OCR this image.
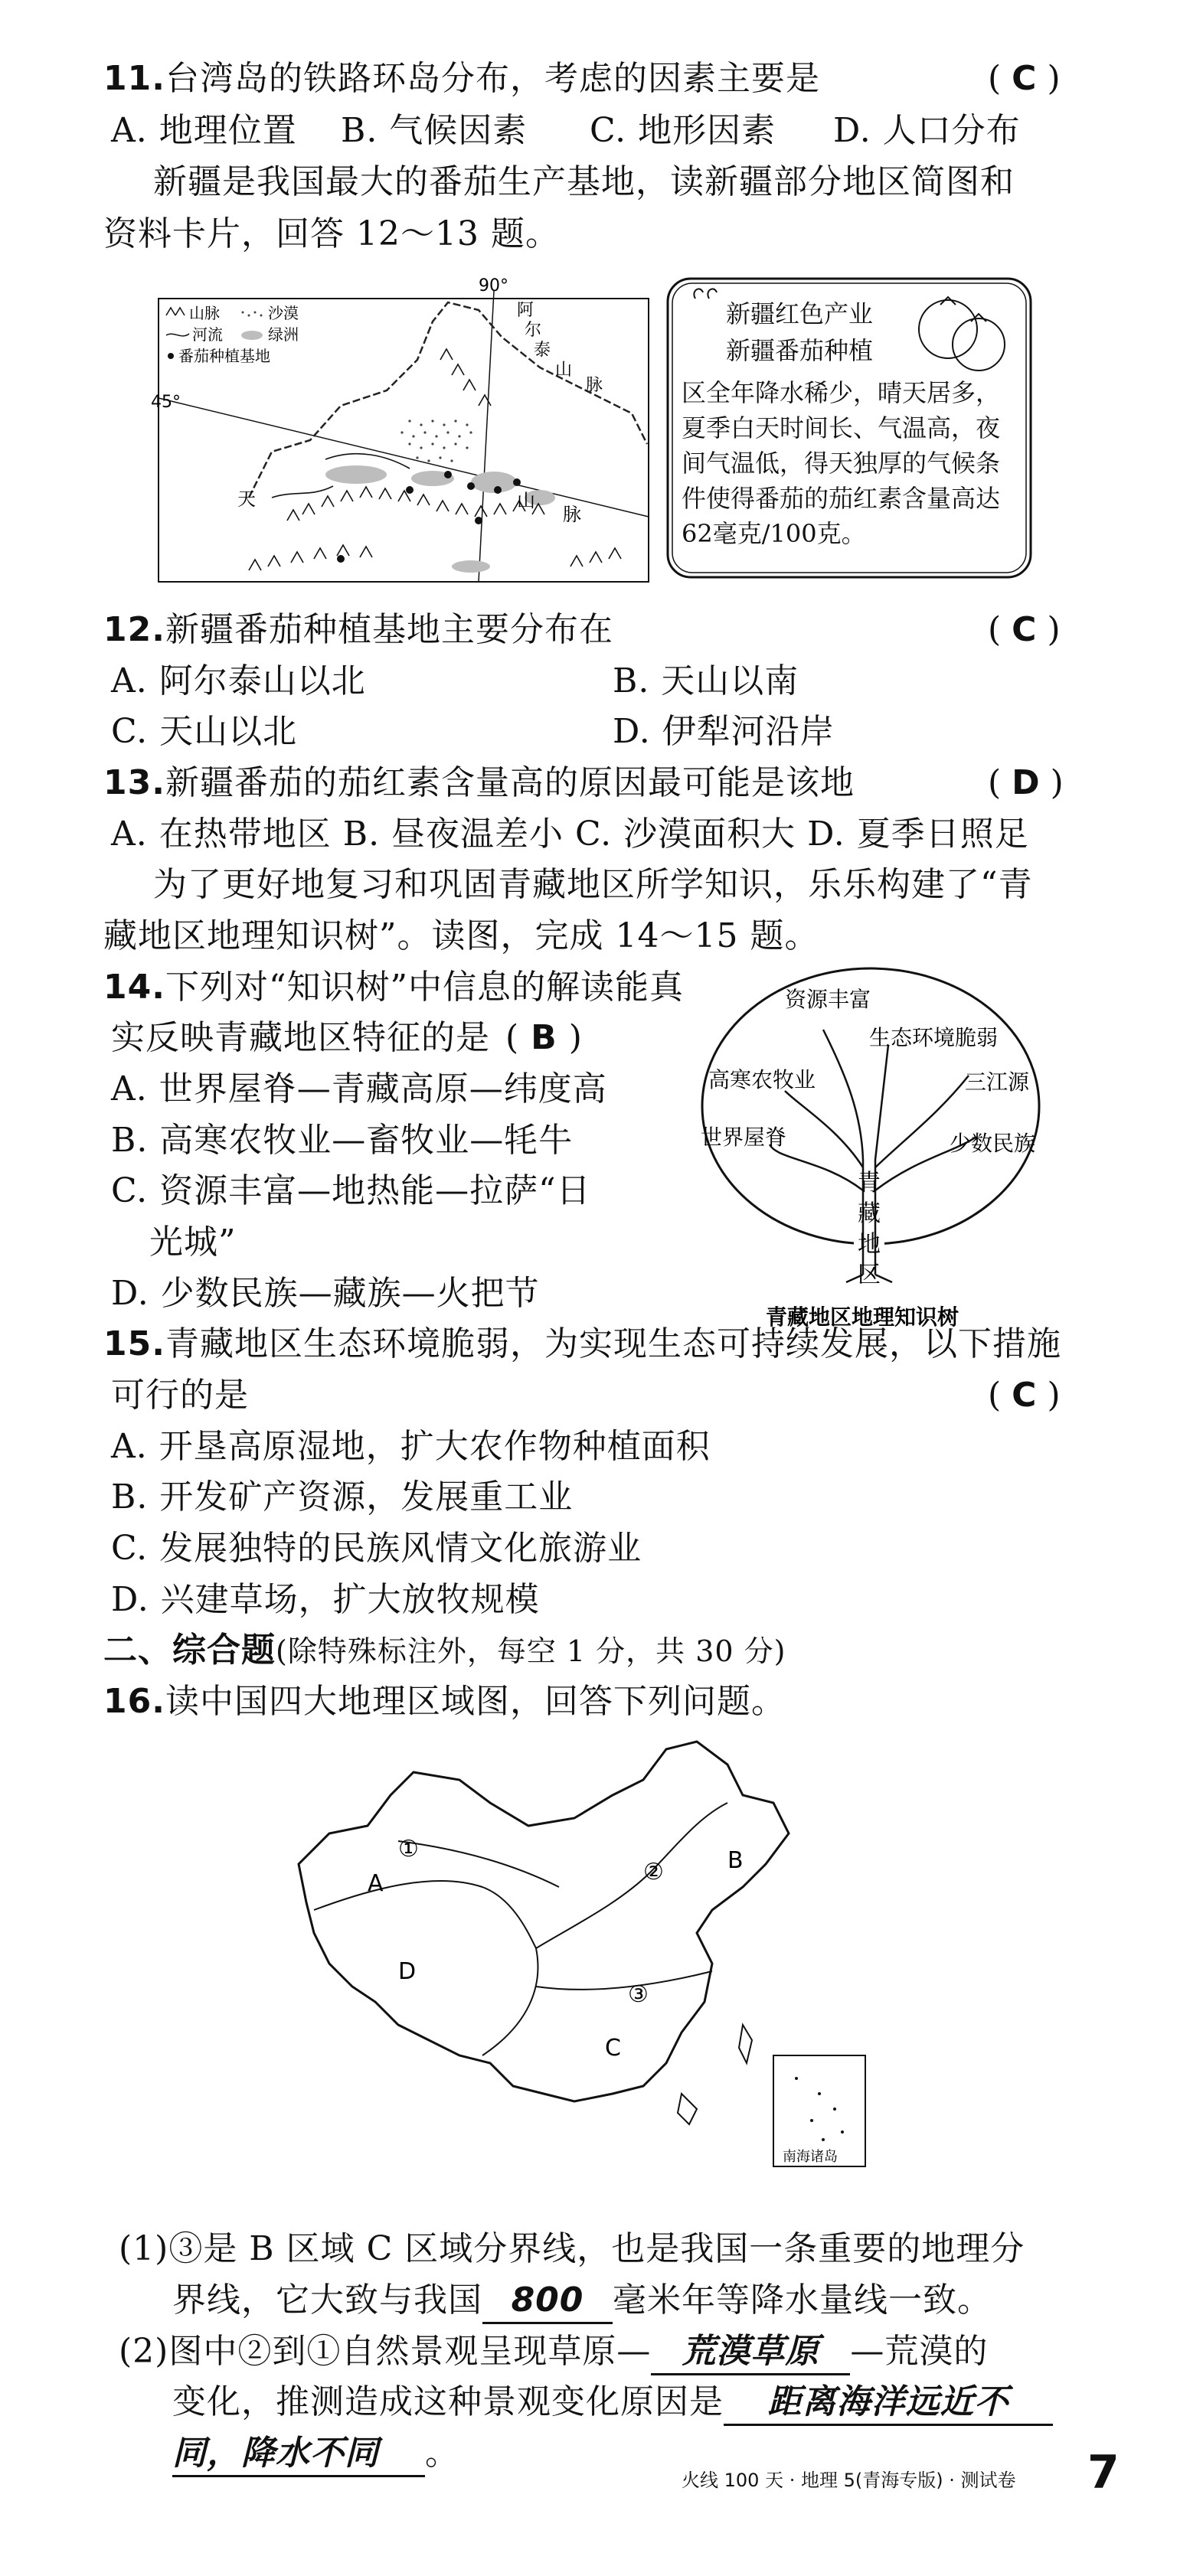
11.台湾岛的铁路环岛分布，考虑的因素主要是	( C )
A. 地理位置 B. 气候因素 C. 地形因素 D. 人口分布
新疆是我国最大的番茄生产基地，读新疆部分地区简图和
资料卡片，回答 12～13 题。
90°
45°
阿
尔
泰
山
脉
天	山
脉
山脉	沙漠
河流	绿洲
番茄种植基地
新疆红色产业
新疆番茄种植
区全年降水稀少，晴天居多，
夏季白天时间长、气温高，夜
间气温低，得天独厚的气候条
件使得番茄的茄红素含量高达
62毫克/100克。
12.新疆番茄种植基地主要分布在	( C )
A. 阿尔泰山以北	B. 天山以南
C. 天山以北	D. 伊犁河沿岸
13.新疆番茄的茄红素含量高的原因最可能是该地	( D )
A. 在热带地区 B. 昼夜温差小 C. 沙漠面积大 D. 夏季日照足
为了更好地复习和巩固青藏地区所学知识，乐乐构建了“青
藏地区地理知识树”。读图，完成 14～15 题。
14.下列对“知识树”中信息的解读能真
实反映青藏地区特征的是 ( B )
A. 世界屋脊—青藏高原—纬度高
B. 高寒农牧业—畜牧业—牦牛
C. 资源丰富—地热能—拉萨“日
光城”
D. 少数民族—藏族—火把节
资源丰富
生态环境脆弱
高寒农牧业	三江源
世界屋脊	少数民族
青
藏
地
区
青藏地区地理知识树
15.青藏地区生态环境脆弱，为实现生态可持续发展，以下措施
可行的是	( C )
A. 开垦高原湿地，扩大农作物种植面积
B. 开发矿产资源，发展重工业
C. 发展独特的民族风情文化旅游业
D. 兴建草场，扩大放牧规模
二、综合题(除特殊标注外，每空 1 分，共 30 分)
16.读中国四大地理区域图，回答下列问题。
A
B
C
D
①
②
③
南海诸岛
(1)③是 B 区域 C 区域分界线，也是我国一条重要的地理分
界线，它大致与我国 800 毫米年等降水量线一致。
(2)图中②到①自然景观呈现草原— 荒漠草原 —荒漠的
变化，推测造成这种景观变化原因是 距离海洋远近不
同，降水不同 。
火线 100 天 · 地理 5(青海专版) · 测试卷 7
